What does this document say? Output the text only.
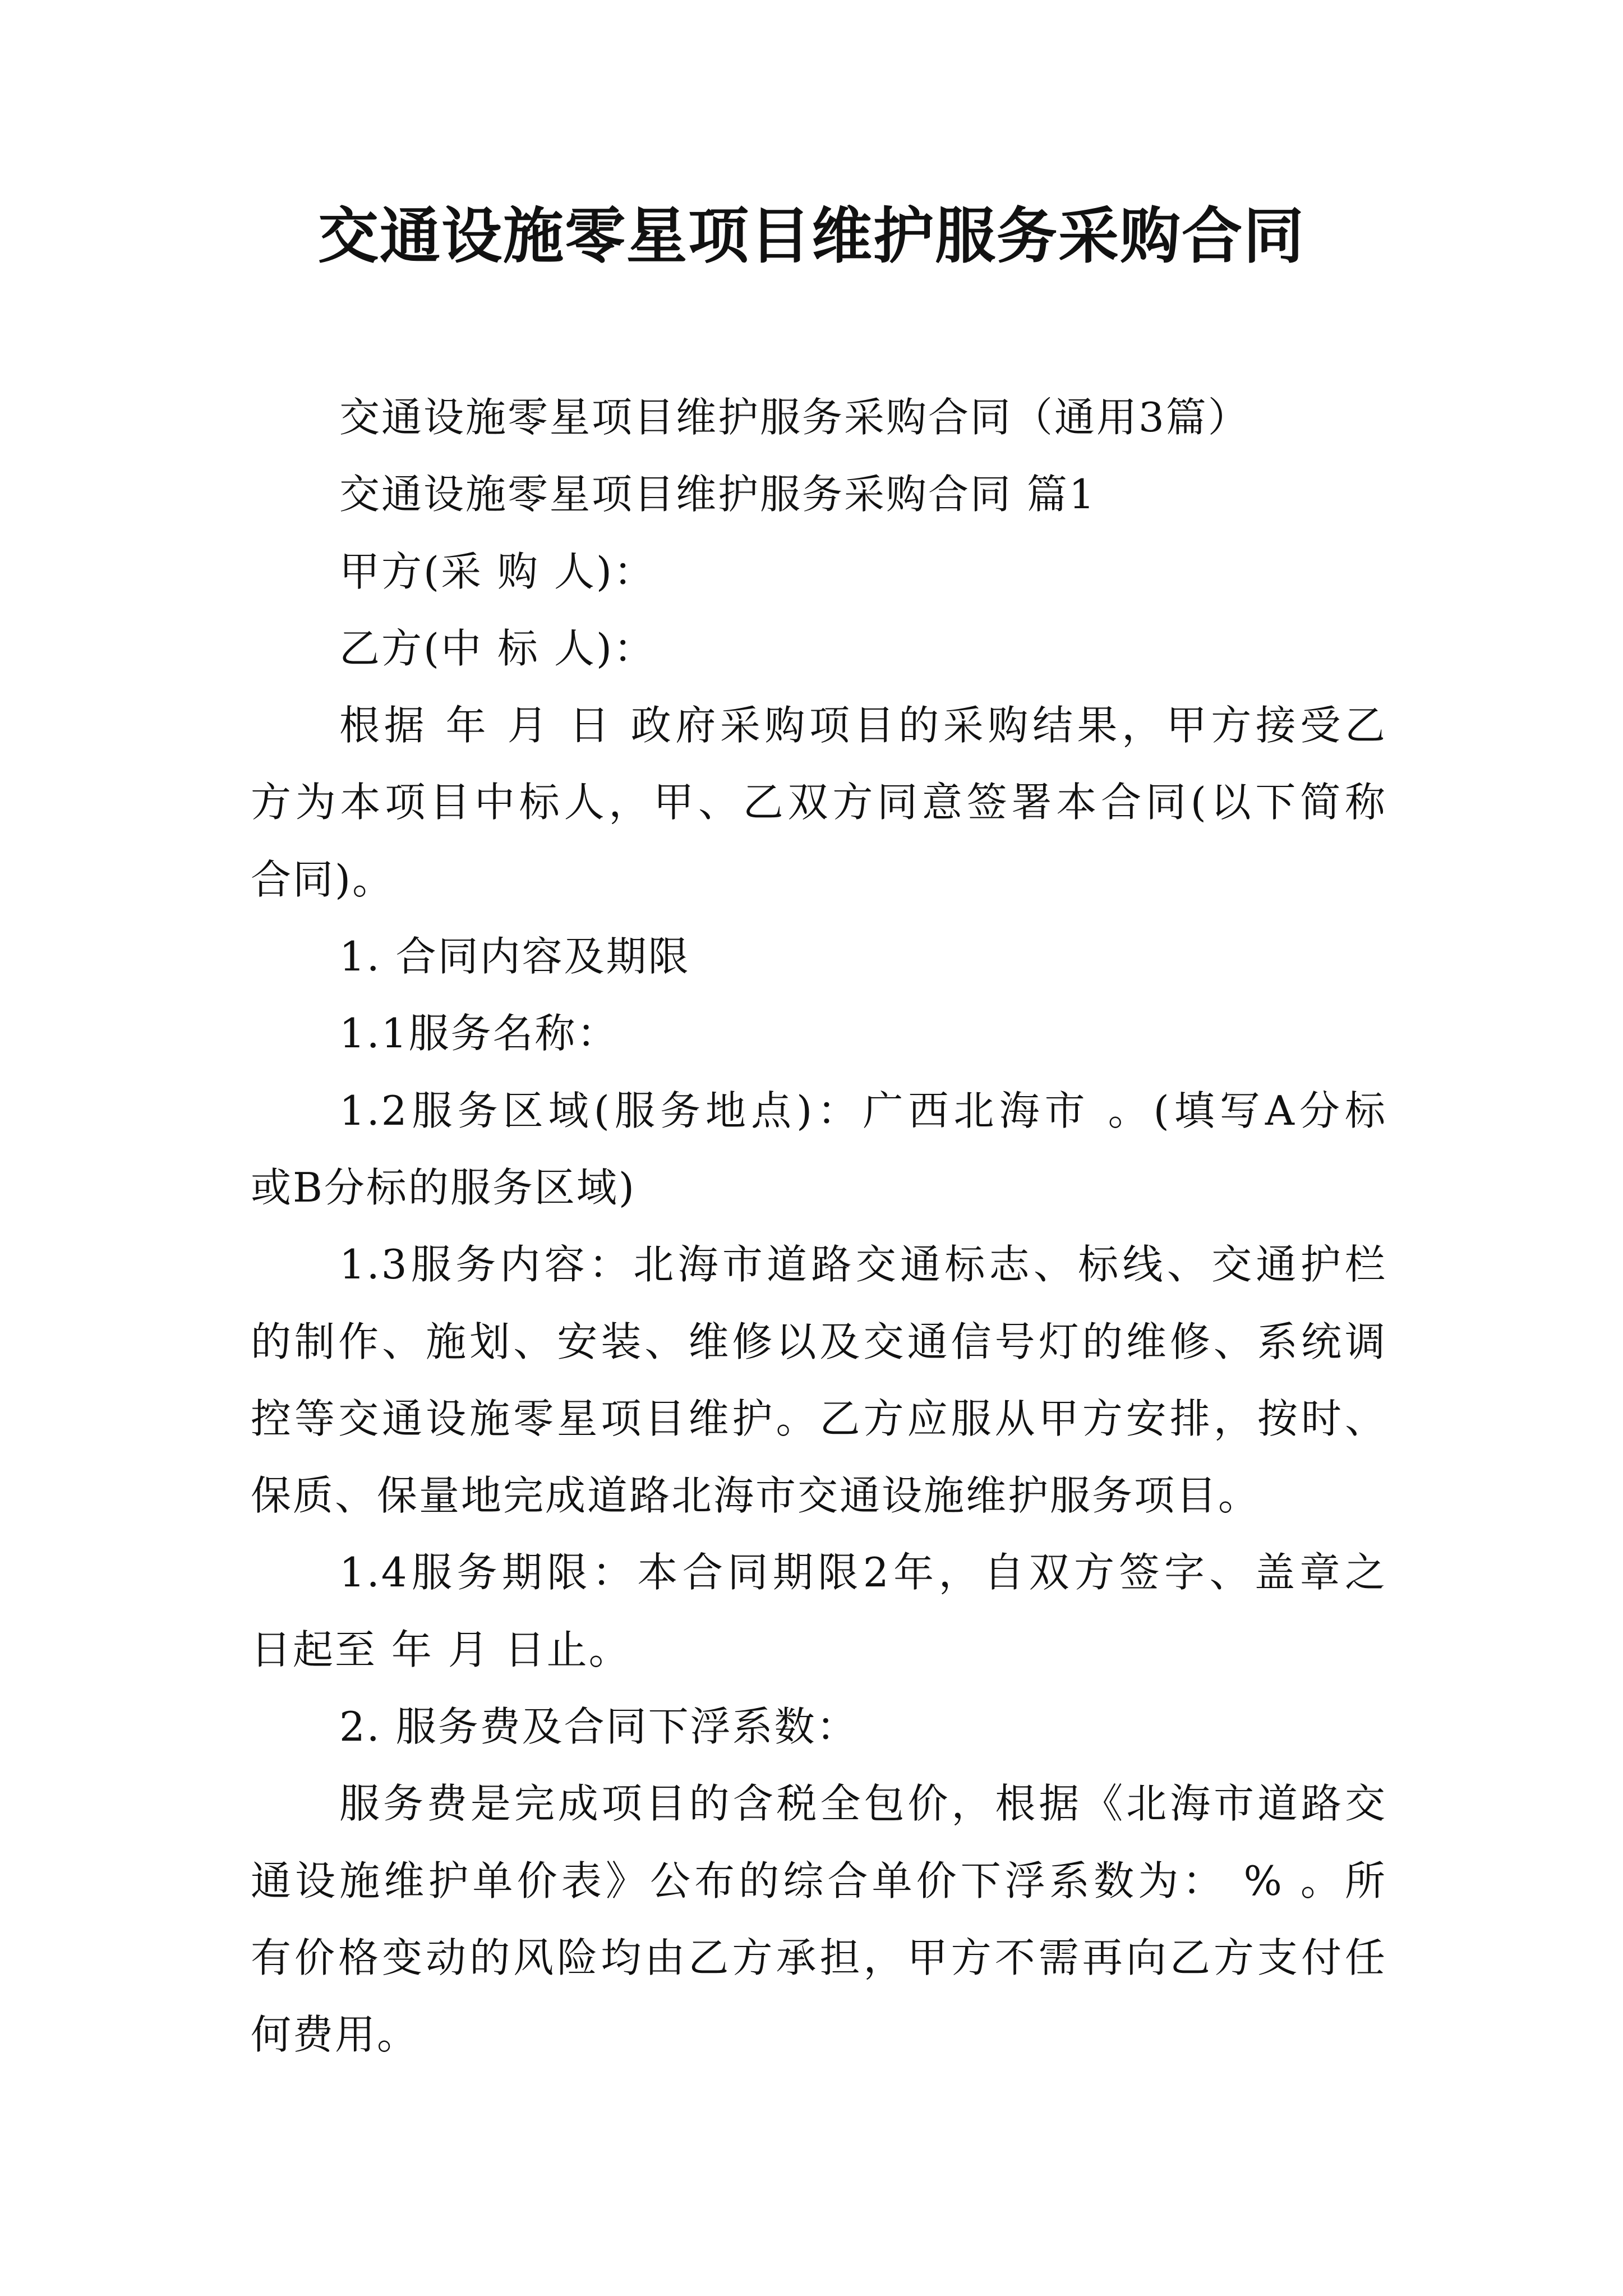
交通设施零星项目维护服务采购合同

交通设施零星项目维护服务采购合同（通用3篇）

交通设施零星项目维护服务采购合同 篇1

甲方(采 购 人)：

乙方(中 标 人)：

根据 年 月 日 政府采购项目的采购结果，甲方接受乙
方为本项目中标人，甲、乙双方同意签署本合同(以下简称
合同)。

1. 合同内容及期限

1.1服务名称：

1.2服务区域(服务地点)：广西北海市 。(填写A分标
或B分标的服务区域)

1.3服务内容：北海市道路交通标志、标线、交通护栏
的制作、施划、安装、维修以及交通信号灯的维修、系统调
控等交通设施零星项目维护。乙方应服从甲方安排，按时、
保质、保量地完成道路北海市交通设施维护服务项目。

1.4服务期限：本合同期限2年，自双方签字、盖章之
日起至 年 月 日止。

2. 服务费及合同下浮系数：

服务费是完成项目的含税全包价，根据《北海市道路交
通设施维护单价表》公布的综合单价下浮系数为： % 。所
有价格变动的风险均由乙方承担，甲方不需再向乙方支付任
何费用。
